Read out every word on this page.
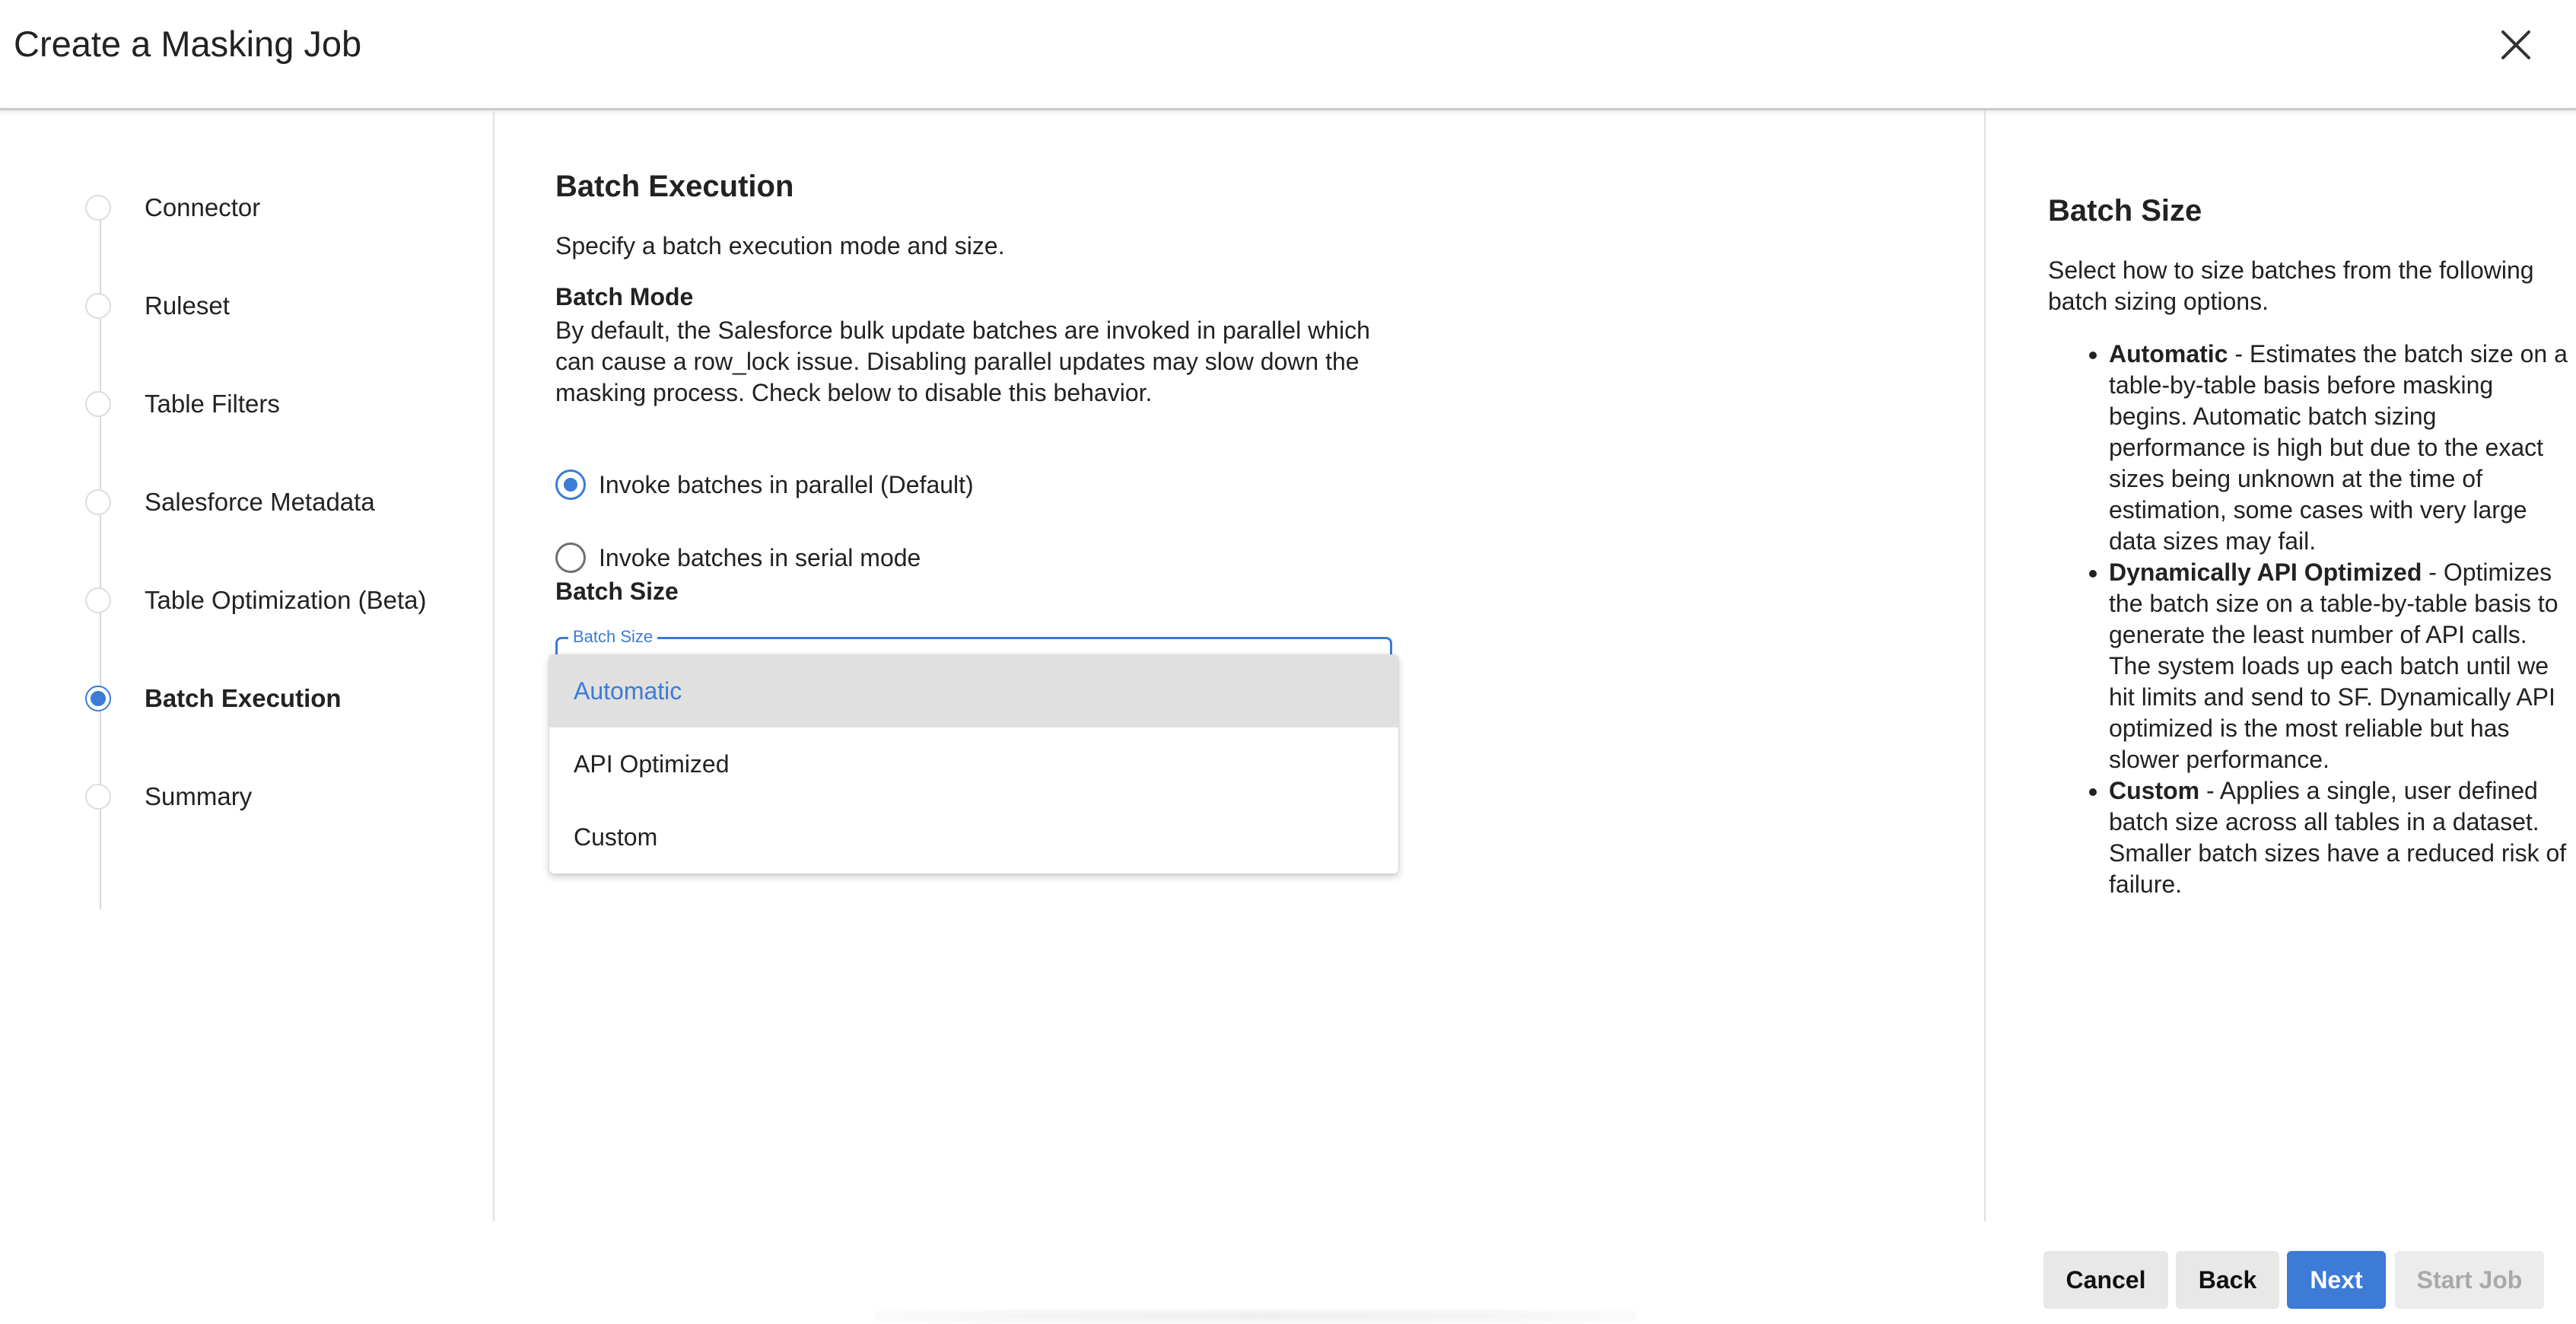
Create a Masking Job
Connector
Ruleset
Table Filters
Salesforce Metadata
Table Optimization (Beta)
Batch Execution
Summary
Batch Execution
Specify a batch execution mode and size.
Batch Mode
By default, the Salesforce bulk update batches are invoked in parallel which can cause a row_lock issue. Disabling parallel updates may slow down the masking process. Check below to disable this behavior.
Invoke batches in parallel (Default)
Invoke batches in serial mode
Batch Size
Batch Size
Automatic
API Optimized
Custom
Batch Size
Select how to size batches from the following batch sizing options.
• Automatic - Estimates the batch size on a table-by-table basis before masking begins. Automatic batch sizing performance is high but due to the exact sizes being unknown at the time of estimation, some cases with very large data sizes may fail.
• Dynamically API Optimized - Optimizes the batch size on a table-by-table basis to generate the least number of API calls. The system loads up each batch until we hit limits and send to SF. Dynamically API optimized is the most reliable but has slower performance.
• Custom - Applies a single, user defined batch size across all tables in a dataset. Smaller batch sizes have a reduced risk of failure.
Cancel	Back	Next	Start Job
